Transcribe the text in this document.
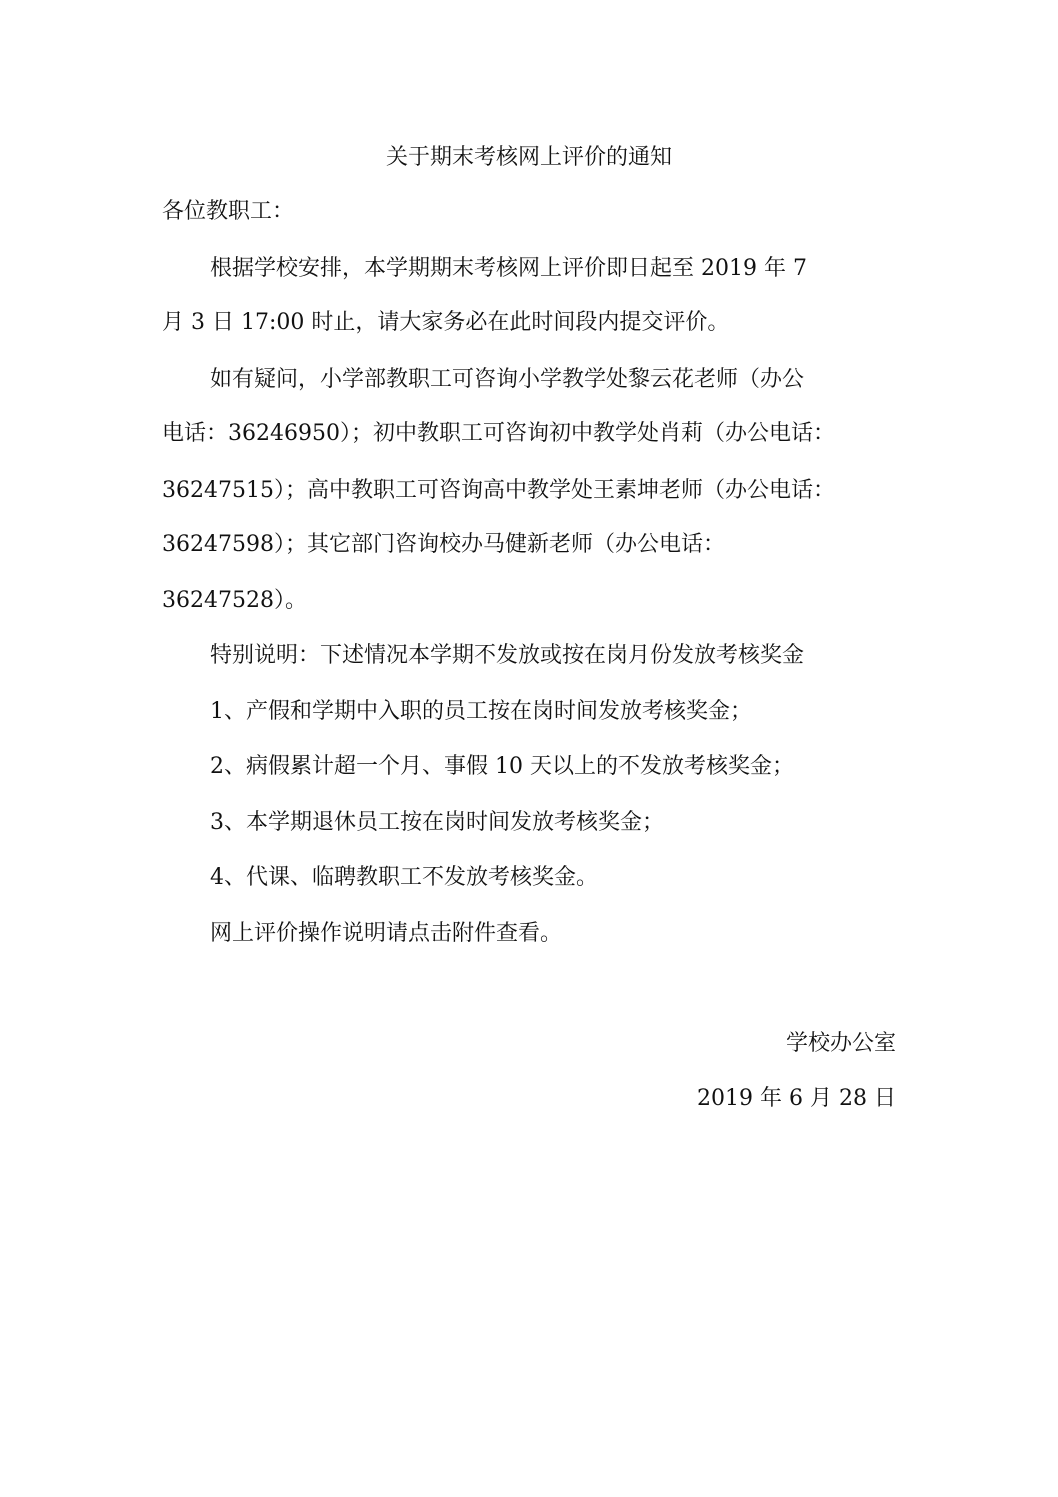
关于期末考核网上评价的通知
各位教职工：
根据学校安排，本学期期末考核网上评价即日起至 2019 年 7
月 3 日 17:00 时止，请大家务必在此时间段内提交评价。
如有疑问，小学部教职工可咨询小学教学处黎云花老师（办公
电话：36246950）；初中教职工可咨询初中教学处肖莉（办公电话：
36247515）；高中教职工可咨询高中教学处王素坤老师（办公电话：
36247598）；其它部门咨询校办马健新老师（办公电话：
36247528）。
特别说明：下述情况本学期不发放或按在岗月份发放考核奖金
1、产假和学期中入职的员工按在岗时间发放考核奖金；
2、病假累计超一个月、事假 10 天以上的不发放考核奖金；
3、本学期退休员工按在岗时间发放考核奖金；
4、代课、临聘教职工不发放考核奖金。
网上评价操作说明请点击附件查看。
学校办公室
2019 年 6 月 28 日
